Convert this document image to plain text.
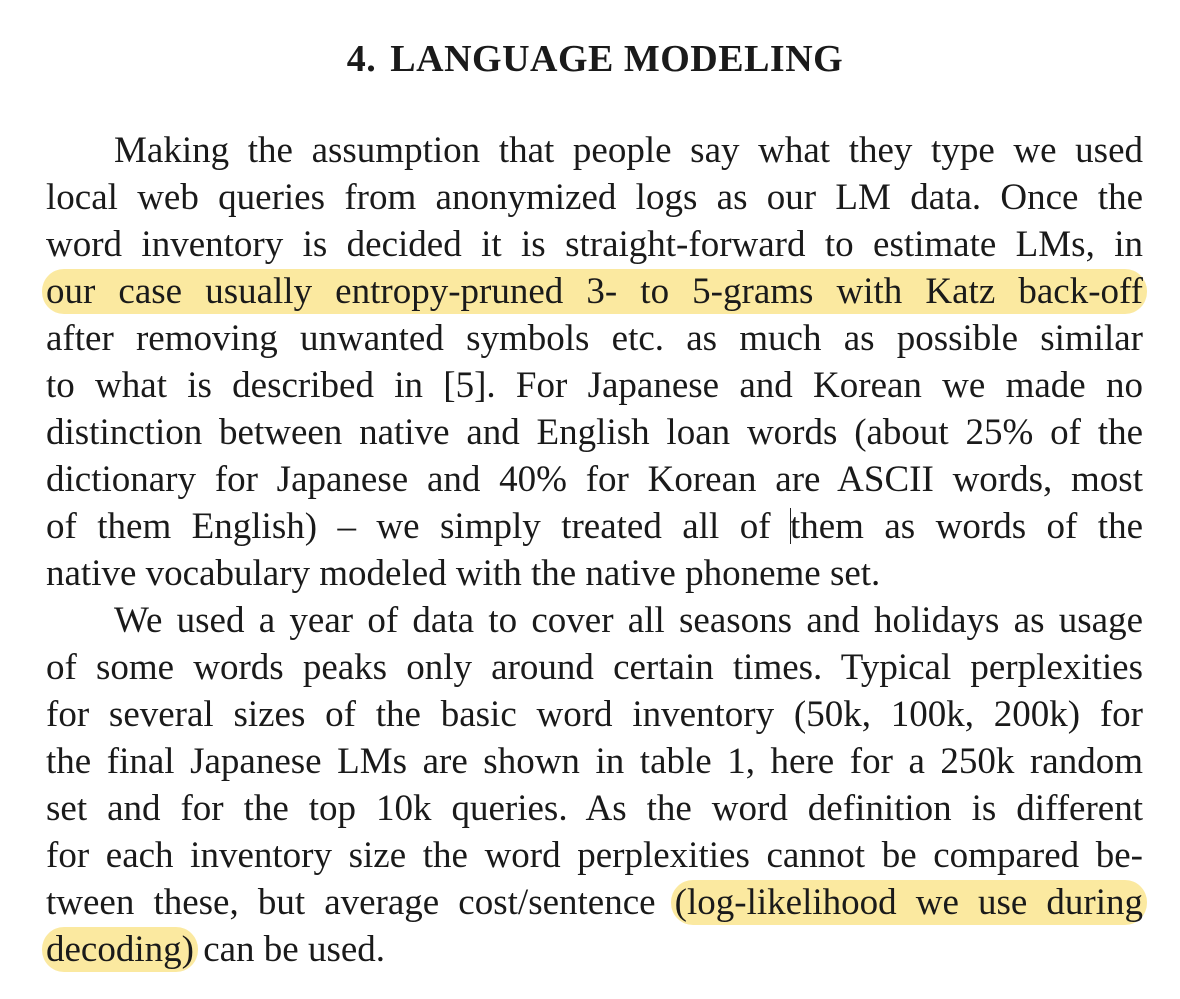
4. LANGUAGE MODELING
Making the assumption that people say what they type we used
local web queries from anonymized logs as our LM data. Once the
word inventory is decided it is straight-forward to estimate LMs, in
our case usually entropy-pruned 3- to 5-grams with Katz back-off
after removing unwanted symbols etc. as much as possible similar
to what is described in [5]. For Japanese and Korean we made no
distinction between native and English loan words (about 25% of the
dictionary for Japanese and 40% for Korean are ASCII words, most
of them English) – we simply treated all of them as words of the
native vocabulary modeled with the native phoneme set.
We used a year of data to cover all seasons and holidays as usage
of some words peaks only around certain times. Typical perplexities
for several sizes of the basic word inventory (50k, 100k, 200k) for
the final Japanese LMs are shown in table 1, here for a 250k random
set and for the top 10k queries. As the word definition is different
for each inventory size the word perplexities cannot be compared be-
tween these, but average cost/sentence (log-likelihood we use during
decoding) can be used.
